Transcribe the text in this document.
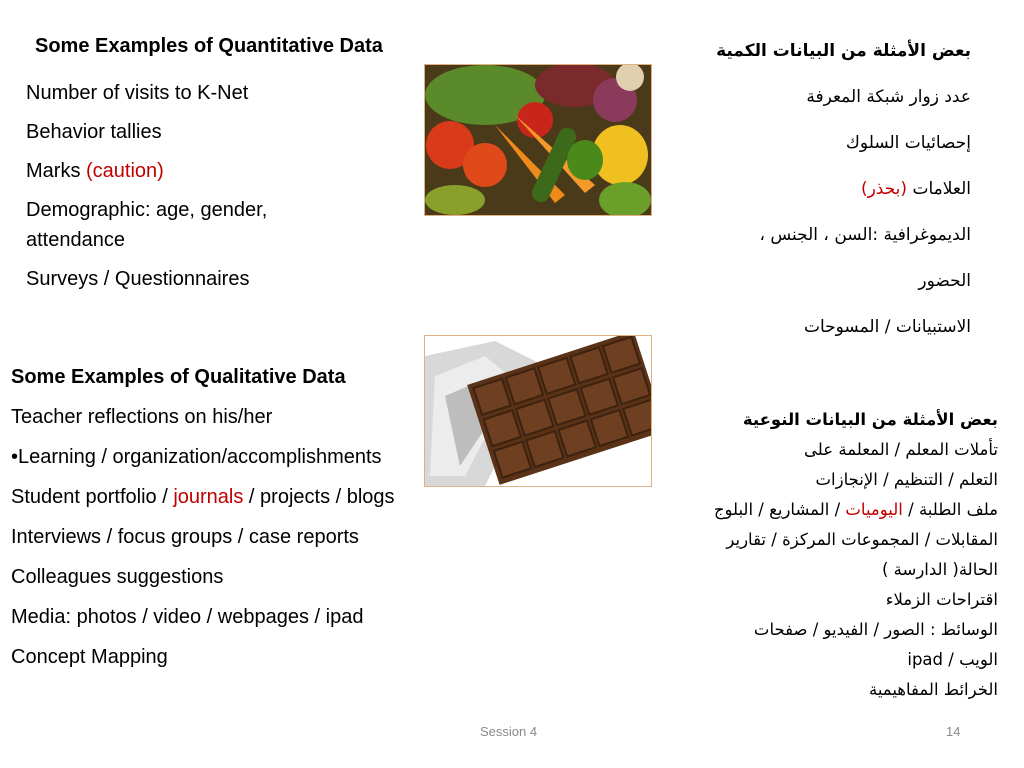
Some Examples of Quantitative Data
Number of visits to K-Net
Behavior tallies
Marks (caution)
Demographic: age, gender, attendance
Surveys / Questionnaires
بعض الأمثلة من البيانات الكمية
عدد زوار شبكة المعرفة
إحصائيات السلوك
العلامات (بحذر)
الديموغرافية :السن ، الجنس ،
الحضور
الاستبيانات / المسوحات
Some Examples of Qualitative Data
Teacher reflections on his/her
•Learning / organization/accomplishments
Student portfolio / journals / projects / blogs
Interviews / focus groups / case reports
Colleagues suggestions
Media: photos / video / webpages / ipad
Concept Mapping
بعض الأمثلة من البيانات النوعية
تأملات المعلم / المعلمة على
التعلم / التنظيم / الإنجازات
ملف الطلبة / اليوميات / المشاريع / البلوج
المقابلات / المجموعات المركزة / تقارير
الحالة( الدارسة )
اقتراحات الزملاء
الوسائط : الصور / الفيديو / صفحات
الويب / ipad
الخرائط المفاهيمية
Session 4	14
